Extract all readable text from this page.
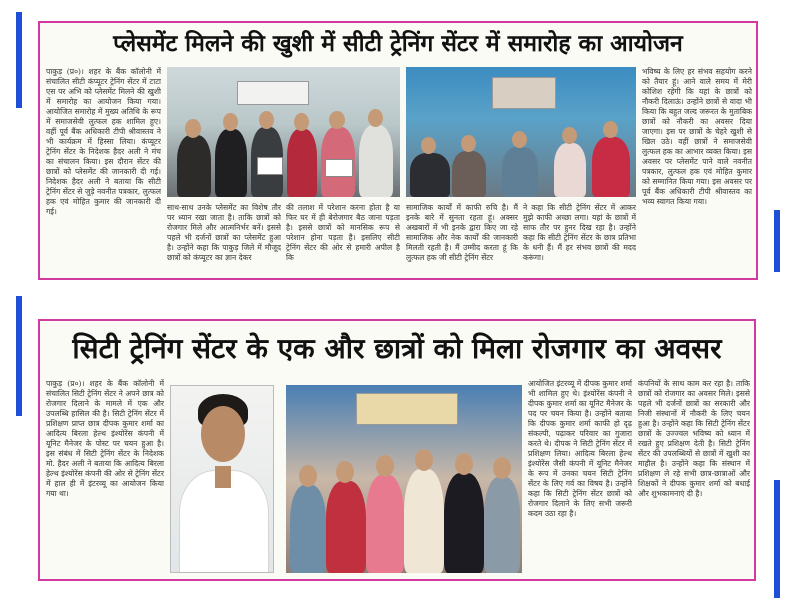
प्लेसमेंट मिलने की खुशी में सीटी ट्रेनिंग सेंटर में समारोह का आयोजन
पाकुड़ (प्र०)। शहर के बैंक कॉलोनी में संचालित सीटी कंप्यूटर ट्रेनिंग सेंटर में टाटा एस पर अभि को प्लेसमेंट मिलने की खुशी में समारोह का आयोजन किया गया। आयोजित समारोह में मुख्य अतिथि के रूप में समाजसेवी लुत्फल हक शामिल हुए। वहीं पूर्व बैंक अधिकारी टीपी श्रीवास्तव ने भी कार्यक्रम में हिस्सा लिया। कंप्यूटर ट्रेनिंग सेंटर के निदेशक हैदर अली ने मंच का संचालन किया। इस दौरान सेंटर की छात्रों को प्लेसमेंट की जानकारी दी गई। निदेशक हैदर अली ने बताया कि सीटी ट्रेनिंग सेंटर से जुड़े नवनीत पत्रकार, लुत्फल हक एवं मोहित कुमार की जानकारी दी गई।	साथ-साथ उनके प्लेसमेंट का विशेष तौर पर ध्यान रखा जाता है। ताकि छात्रों को रोजगार मिले और आत्मनिर्भर बनें। इससे पहले भी दर्जनों छात्रों का प्लेसमेंट हुआ है। उन्होंने कहा कि पाकुड़ जिले में मौजूद छात्रों को कंप्यूटर का ज्ञान देकर
की तलाश में परेशान करना होता है या फिर घर में ही बेरोजगार बैठ जाना पड़ता है। इससे छात्रों को मानसिक रूप से परेशान होना पड़ता है। इसलिए सीटी ट्रेनिंग सेंटर की ओर से हमारी अपील है कि
सामाजिक कार्यों में काफी रुचि है। मैं इनके बारे में सुनता रहता हूं। अक्सर अखबारों में भी इनके द्वारा किए जा रहे सामाजिक और नेक कार्यों की जानकारी मिलती रहती है। मैं उम्मीद करता हूं कि लुत्फल हक जी सीटी ट्रेनिंग सेंटर
ने कहा कि सीटी ट्रेनिंग सेंटर में आकर मुझे काफी अच्छा लगा। यहां के छात्रों में साफ तौर पर हुनर दिख रहा है। उन्होंने कहा कि सीटी ट्रेनिंग सेंटर के छात्र प्रतिभा के धनी हैं। मैं हर संभव छात्रों की मदद करूंगा।
भविष्य के लिए हर संभव सहयोग करने को तैयार हूं। आने वाले समय में मेरी कोशिश रहेगी कि यहां के छात्रों को नौकरी दिलाऊं। उन्होंने छात्रों से वादा भी किया कि बहुत जल्द जरूरत के मुताबिक छात्रों को नौकरी का अवसर दिया जाएगा। इस पर छात्रों के चेहरे खुशी से खिल उठे। वहीं छात्रों ने समाजसेवी लुत्फल हक का आभार व्यक्त किया। इस अवसर पर प्लेसमेंट पाने वाले नवनीत पत्रकार, लुत्फल हक एवं मोहित कुमार को सम्मानित किया गया। इस अवसर पर पूर्व बैंक अधिकारी टीपी श्रीवास्तव का भव्य स्वागत किया गया।
सिटी ट्रेनिंग सेंटर के एक और छात्रों को मिला रोजगार का अवसर
पाकुड़ (प्र०)। शहर के बैंक कॉलोनी में संचालित सिटी ट्रेनिंग सेंटर ने अपने छात्र को रोजगार दिलाने के मामले में एक और उपलब्धि हासिल की है। सिटी ट्रेनिंग सेंटर में प्रशिक्षण प्राप्त छात्र दीपक कुमार शर्मा का आदित्य बिरला हेल्थ इंश्योरेंस कंपनी में यूनिट मैनेजर के पोस्ट पर चयन हुआ है। इस संबंध में सिटी ट्रेनिंग सेंटर के निदेशक मो. हैदर अली ने बताया कि आदित्य बिरला हेल्थ इंश्योरेंस कंपनी की ओर से ट्रेनिंग सेंटर में हाल ही में इंटरव्यू का आयोजन किया गया था।
आयोजित इंटरव्यू में दीपक कुमार शर्मा भी शामिल हुए थे। इंश्योरेंस कंपनी ने दीपक कुमार शर्मा का यूनिट मैनेजर के पद पर चयन किया है। उन्होंने बताया कि दीपक कुमार शर्मा काफी हो दृढ़ संकल्पी, पढ़ाकर परिवार का गुजारा करते थे। दीपक ने सिटी ट्रेनिंग सेंटर में प्रशिक्षण लिया। आदित्य बिरला हेल्थ इंश्योरेंस जैसी कंपनी में यूनिट मैनेजर के रूप में उनका चयन सिटी ट्रेनिंग सेंटर के लिए गर्व का विषय है। उन्होंने कहा कि सिटी ट्रेनिंग सेंटर छात्रों को रोजगार दिलाने के लिए सभी जरूरी कदम उठा रहा है।
कंपनियों के साथ काम कर रहा है। ताकि छात्रों को रोजगार का अवसर मिले। इससे पहले भी दर्जनों छात्रों का सरकारी और निजी संस्थानों में नौकरी के लिए चयन हुआ है। उन्होंने कहा कि सिटी ट्रेनिंग सेंटर छात्रों के उज्ज्वल भविष्य को ध्यान में रखते हुए प्रशिक्षण देती है। सिटी ट्रेनिंग सेंटर की उपलब्धियों से छात्रों में खुशी का माहौल है। उन्होंने कहा कि संस्थान में प्रशिक्षण ले रहे सभी छात्र-छात्राओं और शिक्षकों ने दीपक कुमार शर्मा को बधाई और शुभकामनाएं दी है।
